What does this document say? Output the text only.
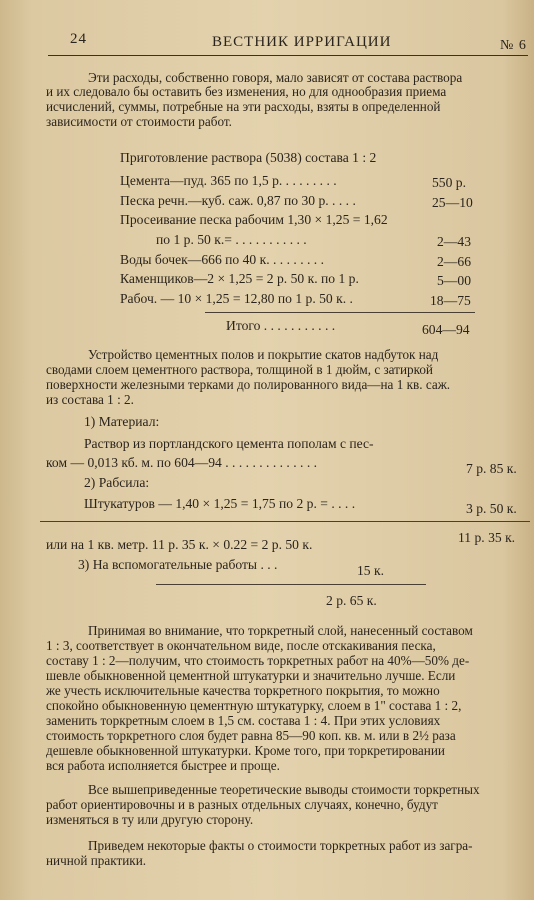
24	ВЕСТНИК ИРРИГАЦИИ	№ 6
Эти расходы, собственно говоря, мало зависят от состава раствора
и их следовало бы оставить без изменения, но для однообразия приема
исчислений, суммы, потребные на эти расходы, взяты в определенной
зависимости от стоимости работ.
Приготовление раствора (5038) состава 1 : 2
Цемента—пуд. 365 по 1,5 р. . . . . . . . .	550 р.
Песка речн.—куб. саж. 0,87 по 30 р. . . . .	25—10
Просеивание песка рабочим 1,30 × 1,25 = 1,62
по 1 р. 50 к.= . . . . . . . . . . .	2—43
Воды бочек—666 по 40 к. . . . . . . . .	2—66
Каменщиков—2 × 1,25 = 2 р. 50 к. по 1 р.	5—00
Рабоч. — 10 × 1,25 = 12,80 по 1 р. 50 к. .	18—75
Итого . . . . . . . . . . .	604—94
Устройство цементных полов и покрытие скатов надбуток над
сводами слоем цементного раствора, толщиной в 1 дюйм, с затиркой
поверхности железными терками до полированного вида—на 1 кв. саж.
из состава 1 : 2.
1) Материал:
Раствор из портландского цемента пополам с пес-
ком — 0,013 кб. м. по 604—94 . . . . . . . . . . . . . .	7 р. 85 к.
2) Рабсила:
Штукатуров — 1,40 × 1,25 = 1,75 по 2 р. = . . . .	3 р. 50 к.
11 р. 35 к.
или на 1 кв. метр. 11 р. 35 к. × 0.22 = 2 р. 50 к.
3) На вспомогательные работы . . .	15 к.
2 р. 65 к.
Принимая во внимание, что торкретный слой, нанесенный составом
1 : 3, соответствует в окончательном виде, после отскакивания песка,
составу 1 : 2—получим, что стоимость торкретных работ на 40%—50% де-
шевле обыкновенной цементной штукатурки и значительно лучше. Если
же учесть исключительные качества торкретного покрытия, то можно
спокойно обыкновенную цементную штукатурку, слоем в 1" состава 1 : 2,
заменить торкретным слоем в 1,5 см. состава 1 : 4. При этих условиях
стоимость торкретного слоя будет равна 85—90 коп. кв. м. или в 2½ раза
дешевле обыкновенной штукатурки. Кроме того, при торкретировании
вся работа исполняется быстрее и проще.
Все вышеприведенные теоретические выводы стоимости торкретных
работ ориентировочны и в разных отдельных случаях, конечно, будут
изменяться в ту или другую сторону.
Приведем некоторые факты о стоимости торкретных работ из загра-
ничной практики.
